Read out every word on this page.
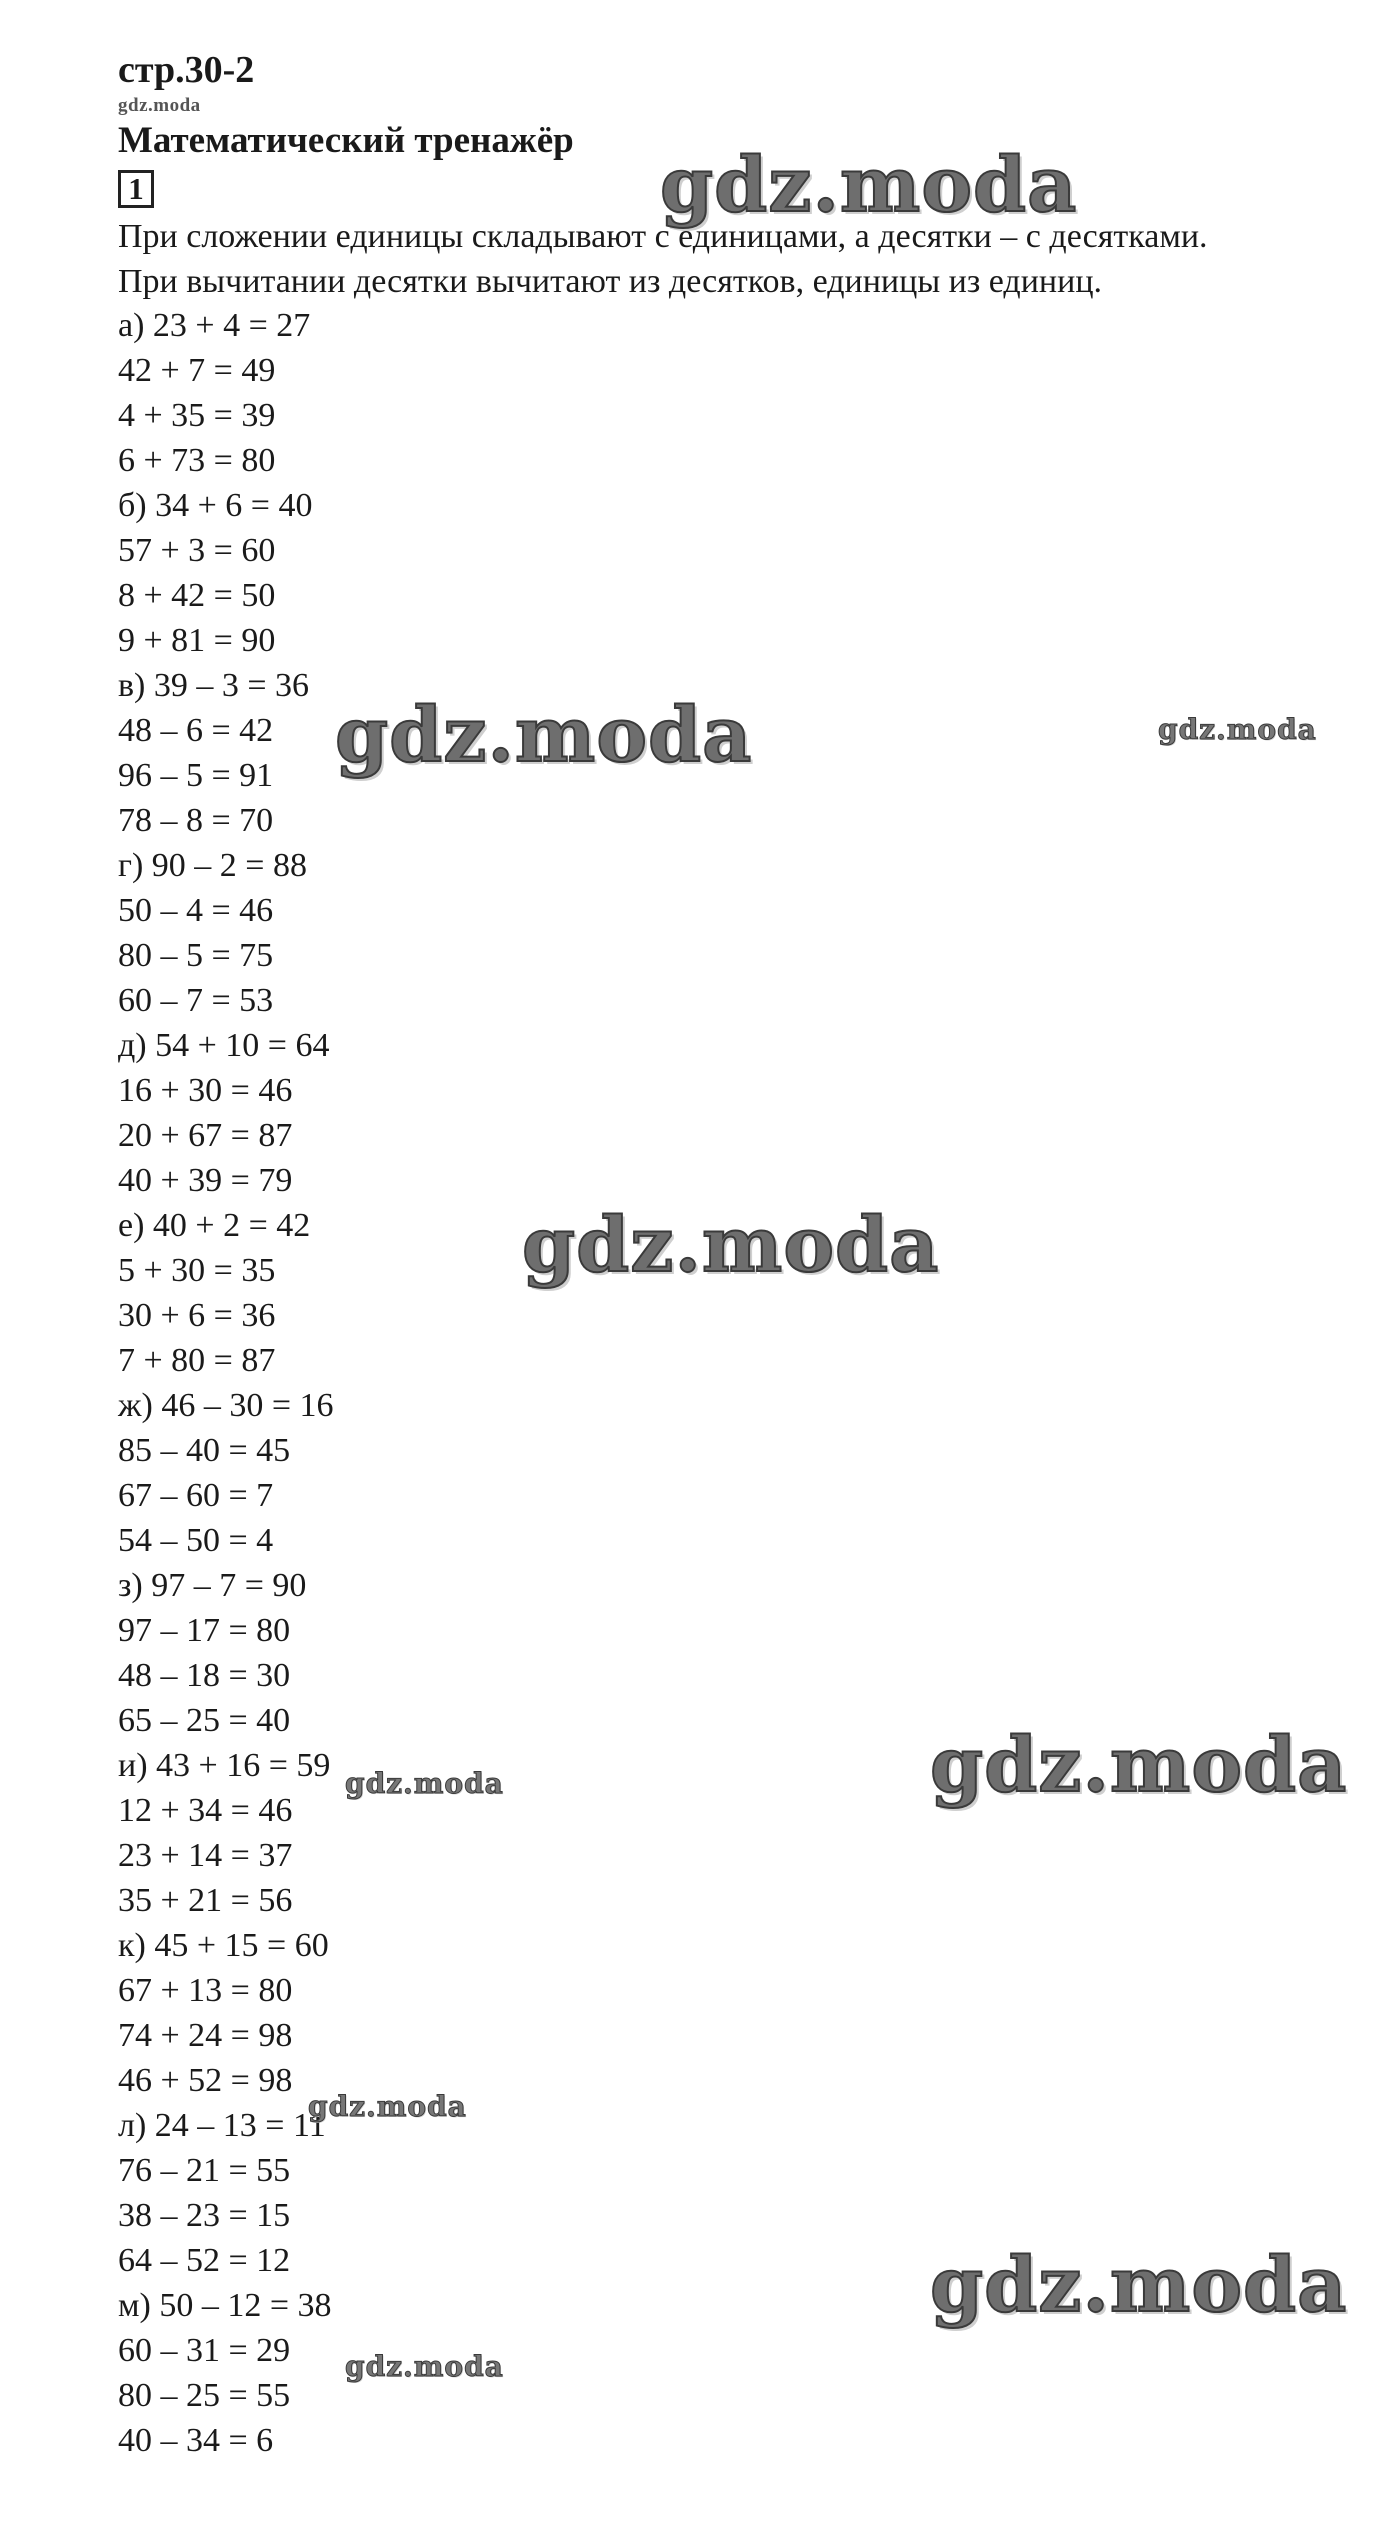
стр.30-2
gdz.moda
Математический тренажёр
1
При сложении единицы складывают с единицами, а десятки – с десятками.
При вычитании десятки вычитают из десятков, единицы из единиц.
а) 23 + 4 = 27
42 + 7 = 49
4 + 35 = 39
6 + 73 = 80
б) 34 + 6 = 40
57 + 3 = 60
8 + 42 = 50
9 + 81 = 90
в) 39 – 3 = 36
48 – 6 = 42
96 – 5 = 91
78 – 8 = 70
г) 90 – 2 = 88
50 – 4 = 46
80 – 5 = 75
60 – 7 = 53
д) 54 + 10 = 64
16 + 30 = 46
20 + 67 = 87
40 + 39 = 79
е) 40 + 2 = 42
5 + 30 = 35
30 + 6 = 36
7 + 80 = 87
ж) 46 – 30 = 16
85 – 40 = 45
67 – 60 = 7
54 – 50 = 4
з) 97 – 7 = 90
97 – 17 = 80
48 – 18 = 30
65 – 25 = 40
и) 43 + 16 = 59
12 + 34 = 46
23 + 14 = 37
35 + 21 = 56
к) 45 + 15 = 60
67 + 13 = 80
74 + 24 = 98
46 + 52 = 98
л) 24 – 13 = 11
76 – 21 = 55
38 – 23 = 15
64 – 52 = 12
м) 50 – 12 = 38
60 – 31 = 29
80 – 25 = 55
40 – 34 = 6
gdz.moda
gdz.moda	gdz.moda
gdz.moda
gdz.moda
gdz.moda
gdz.moda
gdz.moda
gdz.moda
